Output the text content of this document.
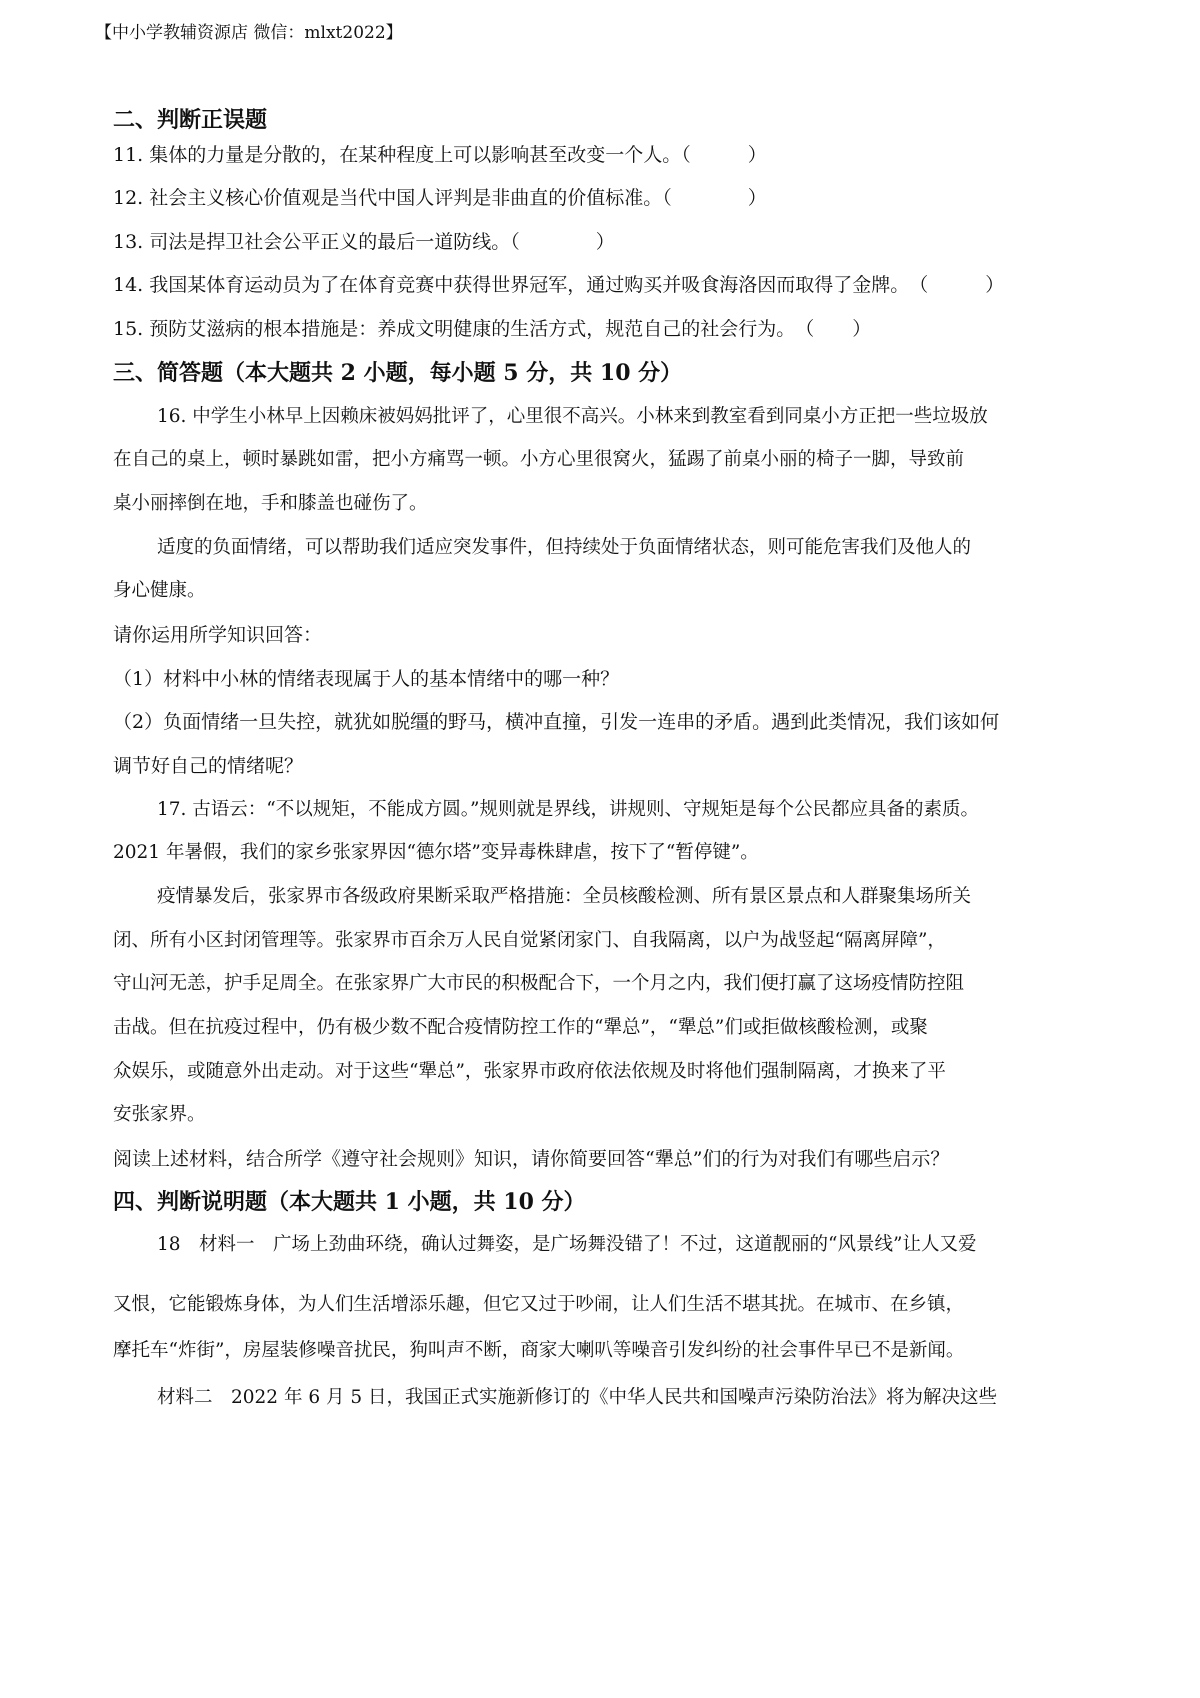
【中小学教辅资源店 微信：mlxt2022】
二、判断正误题
11. 集体的力量是分散的，在某种程度上可以影响甚至改变一个人。（　　　）
12. 社会主义核心价值观是当代中国人评判是非曲直的价值标准。（　　　　）
13. 司法是捍卫社会公平正义的最后一道防线。（　　　　）
14. 我国某体育运动员为了在体育竞赛中获得世界冠军，通过购买并吸食海洛因而取得了金牌。　（　　　）
15. 预防艾滋病的根本措施是：养成文明健康的生活方式，规范自己的社会行为。　（　　）
三、简答题（本大题共 2 小题，每小题 5 分，共 10 分）
16. 中学生小林早上因赖床被妈妈批评了，心里很不高兴。小林来到教室看到同桌小方正把一些垃圾放
在自己的桌上，顿时暴跳如雷，把小方痛骂一顿。小方心里很窝火，猛踢了前桌小丽的椅子一脚，导致前
桌小丽摔倒在地，手和膝盖也碰伤了。
适度的负面情绪，可以帮助我们适应突发事件，但持续处于负面情绪状态，则可能危害我们及他人的
身心健康。
请你运用所学知识回答：
（1）材料中小林的情绪表现属于人的基本情绪中的哪一种？
（2）负面情绪一旦失控，就犹如脱缰的野马，横冲直撞，引发一连串的矛盾。遇到此类情况，我们该如何
调节好自己的情绪呢？
17. 古语云：“不以规矩，不能成方圆。”规则就是界线，讲规则、守规矩是每个公民都应具备的素质。
2021 年暑假，我们的家乡张家界因“德尔塔”变异毒株肆虐，按下了“暂停键”。
疫情暴发后，张家界市各级政府果断采取严格措施：全员核酸检测、所有景区景点和人群聚集场所关
闭、所有小区封闭管理等。张家界市百余万人民自觉紧闭家门、自我隔离，以户为战竖起“隔离屏障”，
守山河无恙，护手足周全。在张家界广大市民的积极配合下，一个月之内，我们便打赢了这场疫情防控阻
击战。但在抗疫过程中，仍有极少数不配合疫情防控工作的“犟总”，“犟总”们或拒做核酸检测，或聚
众娱乐，或随意外出走动。对于这些“犟总”，张家界市政府依法依规及时将他们强制隔离，才换来了平
安张家界。
阅读上述材料，结合所学《遵守社会规则》知识，请你简要回答“犟总”们的行为对我们有哪些启示？
四、判断说明题（本大题共 1 小题，共 10 分）
18　材料一　广场上劲曲环绕，确认过舞姿，是广场舞没错了！不过，这道靓丽的“风景线”让人又爱
又恨，它能锻炼身体，为人们生活增添乐趣，但它又过于吵闹，让人们生活不堪其扰。在城市、在乡镇，
摩托车“炸街”，房屋装修噪音扰民，狗叫声不断，商家大喇叭等噪音引发纠纷的社会事件早已不是新闻。
材料二　2022 年 6 月 5 日，我国正式实施新修订的《中华人民共和国噪声污染防治法》将为解决这些
